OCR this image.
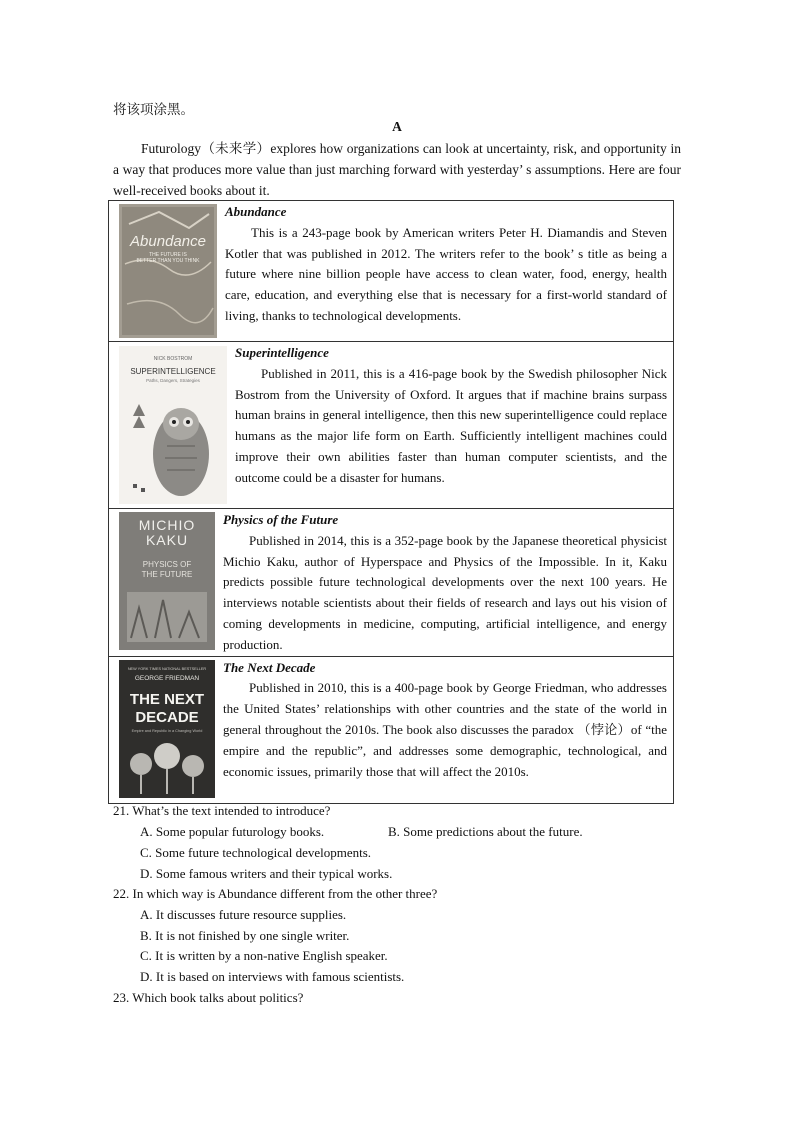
将该项涂黑。
A
Futurology（未来学）explores how organizations can look at uncertainty, risk, and opportunity in a way that produces more value than just marching forward with yesterday’ s assumptions. Here are four well-received books about it.
Abundance
THE FUTURE IS
BETTER THAN YOU THINK
Abundance
This is a 243-page book by American writers Peter H. Diamandis and Steven Kotler that was published in 2012. The writers refer to the book’ s title as being a future where nine billion people have access to clean water, food, energy, health care, education, and everything else that is necessary for a first-world standard of living, thanks to technological developments.

NICK BOSTROM
SUPERINTELLIGENCE
Paths, Dangers, Strategies
Superintelligence
Published in 2011, this is a 416-page book by the Swedish philosopher Nick Bostrom from the University of Oxford. It argues that if machine brains surpass human brains in general intelligence, then this new superintelligence could replace humans as the major life form on Earth. Sufficiently intelligent machines could improve their own abilities faster than human computer scientists, and the outcome could be a disaster for humans.

MICHIO
KAKU
PHYSICS OF
THE FUTURE
Physics of the Future
Published in 2014, this is a 352-page book by the Japanese theoretical physicist Michio Kaku, author of Hyperspace and Physics of the Impossible. In it, Kaku predicts possible future technological developments over the next 100 years. He interviews notable scientists about their fields of research and lays out his vision of coming developments in medicine, computing, artificial intelligence, and energy production.

NEW YORK TIMES NATIONAL BESTSELLER
GEORGE FRIEDMAN
THE NEXT
DECADE
Empire and Republic in a Changing World
The Next Decade
Published in 2010, this is a 400-page book by George Friedman, who addresses the United States’ relationships with other countries and the state of the world in general throughout the 2010s. The book also discusses the paradox （悖论）of “the empire and the republic”, and addresses some demographic, technological, and economic issues, primarily those that will affect the 2010s.
21. What’s the text intended to introduce?
A. Some popular futurology books.	B. Some predictions about the future.
C. Some future technological developments.
D. Some famous writers and their typical works.
22. In which way is Abundance different from the other three?
A. It discusses future resource supplies.
B. It is not finished by one single writer.
C. It is written by a non-native English speaker.
D. It is based on interviews with famous scientists.
23. Which book talks about politics?
